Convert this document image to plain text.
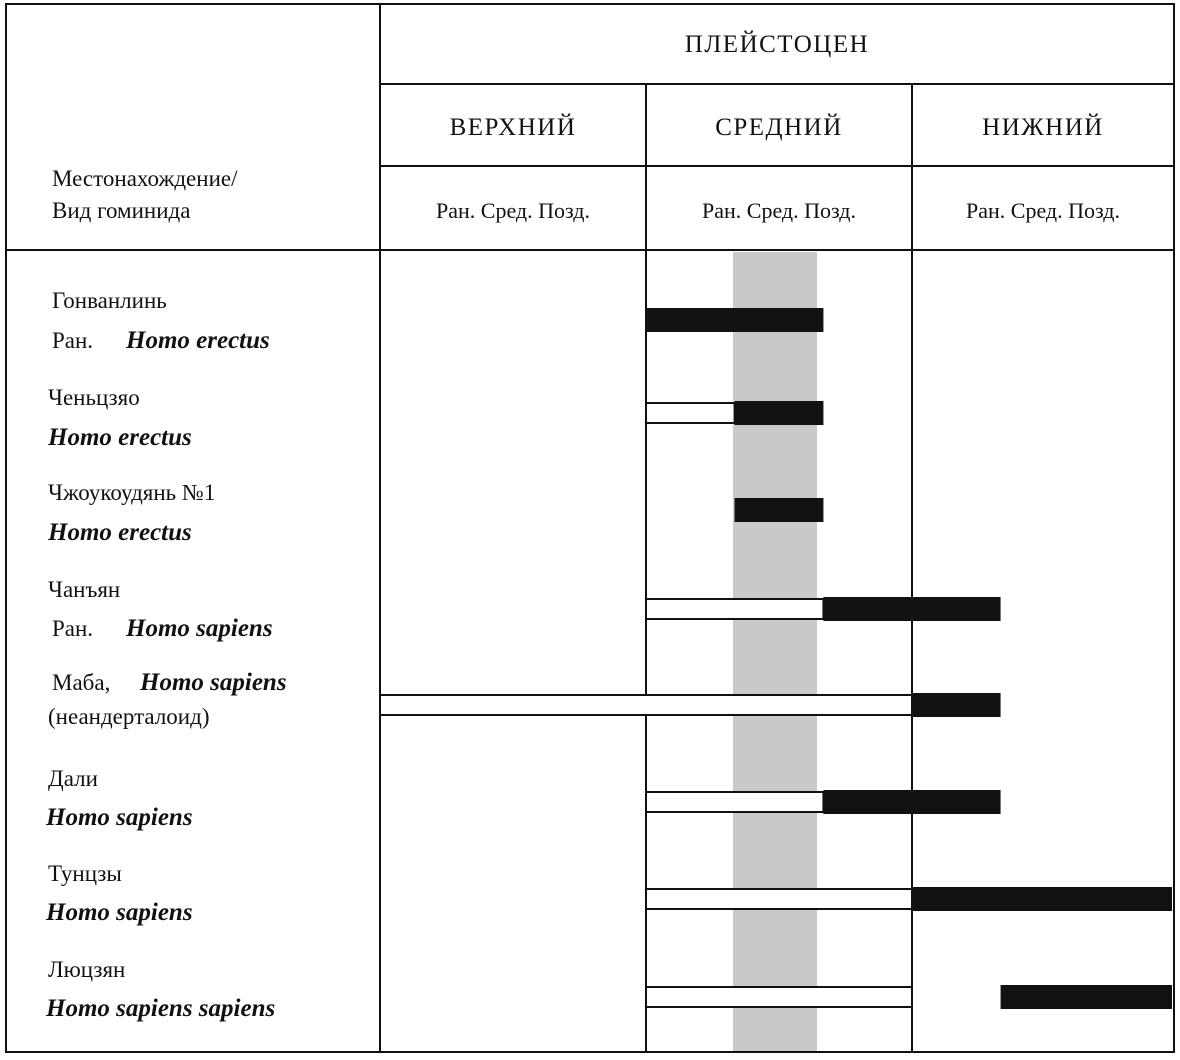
ПЛЕЙСТОЦЕН
ВЕРХНИЙ	СРЕДНИЙ	НИЖНИЙ
Ран. Сред. Позд.	Ран. Сред. Позд.	Ран. Сред. Позд.
Местонахождение/
Вид гоминида
Гонванлинь
Ран. Homo erectus
Ченьцзяо
Homo erectus
Чжоукоудянь №1
Homo erectus
Чанъян
Ран. Homo sapiens
Маба, Homo sapiens
(неандерталоид)
Дали
Homo sapiens
Тунцзы
Homo sapiens
Люцзян
Homo sapiens sapiens
